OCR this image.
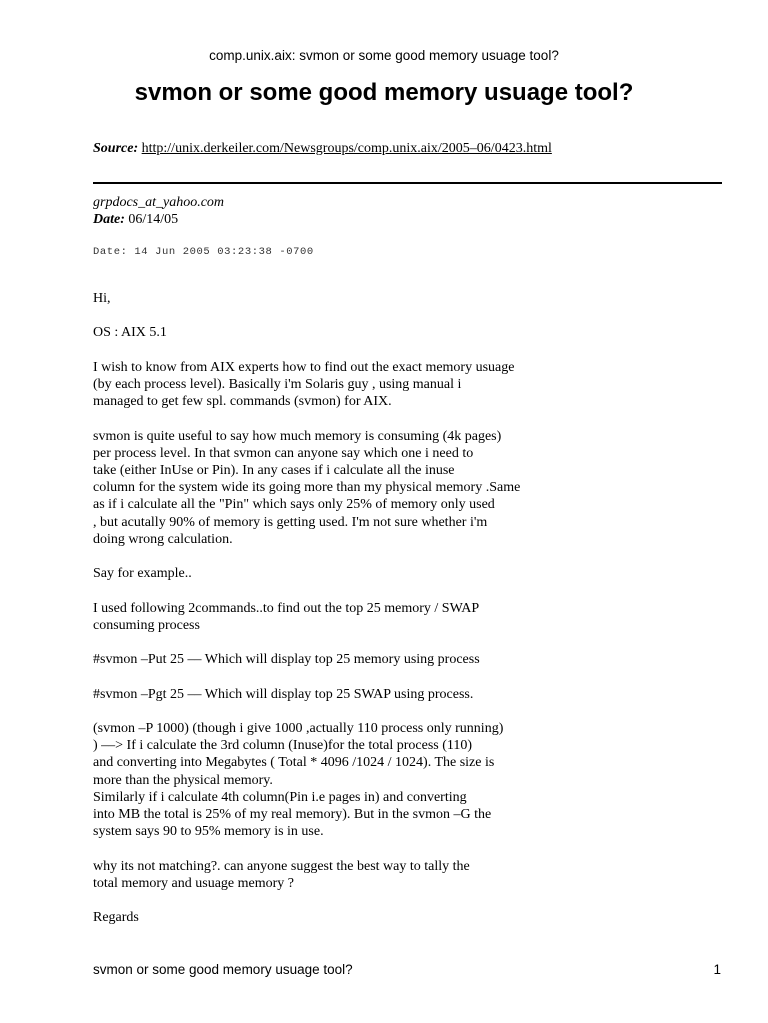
comp.unix.aix: svmon or some good memory usuage tool?
svmon or some good memory usuage tool?
Source: http://unix.derkeiler.com/Newsgroups/comp.unix.aix/2005–06/0423.html
grpdocs_at_yahoo.com
Date: 06/14/05
Date: 14 Jun 2005 03:23:38 -0700

Hi,

OS : AIX 5.1

I wish to know from AIX experts how to find out the exact memory usuage
(by each process level). Basically i'm Solaris guy , using manual i
managed to get few spl. commands (svmon) for AIX.

svmon is quite useful to say how much memory is consuming (4k pages)
per process level. In that svmon can anyone say which one i need to
take (either InUse or Pin). In any cases if i calculate all the inuse
column for the system wide its going more than my physical memory .Same
as if i calculate all the "Pin" which says only 25% of memory only used
, but acutally 90% of memory is getting used. I'm not sure whether i'm
doing wrong calculation.

Say for example..

I used following 2commands..to find out the top 25 memory / SWAP
consuming process

#svmon –Put 25 –– Which will display top 25 memory using process

#svmon –Pgt 25 –– Which will display top 25 SWAP using process.

(svmon –P 1000) (though i give 1000 ,actually 110 process only running)
) ––> If i calculate the 3rd column (Inuse)for the total process (110)
and converting into Megabytes ( Total * 4096 /1024 / 1024). The size is
more than the physical memory.
Similarly if i calculate 4th column(Pin i.e pages in) and converting
into MB the total is 25% of my real memory). But in the svmon –G the
system says 90 to 95% memory is in use.

why its not matching?. can anyone suggest the best way to tally the
total memory and usuage memory ?

Regards

svmon or some good memory usuage tool?	1
